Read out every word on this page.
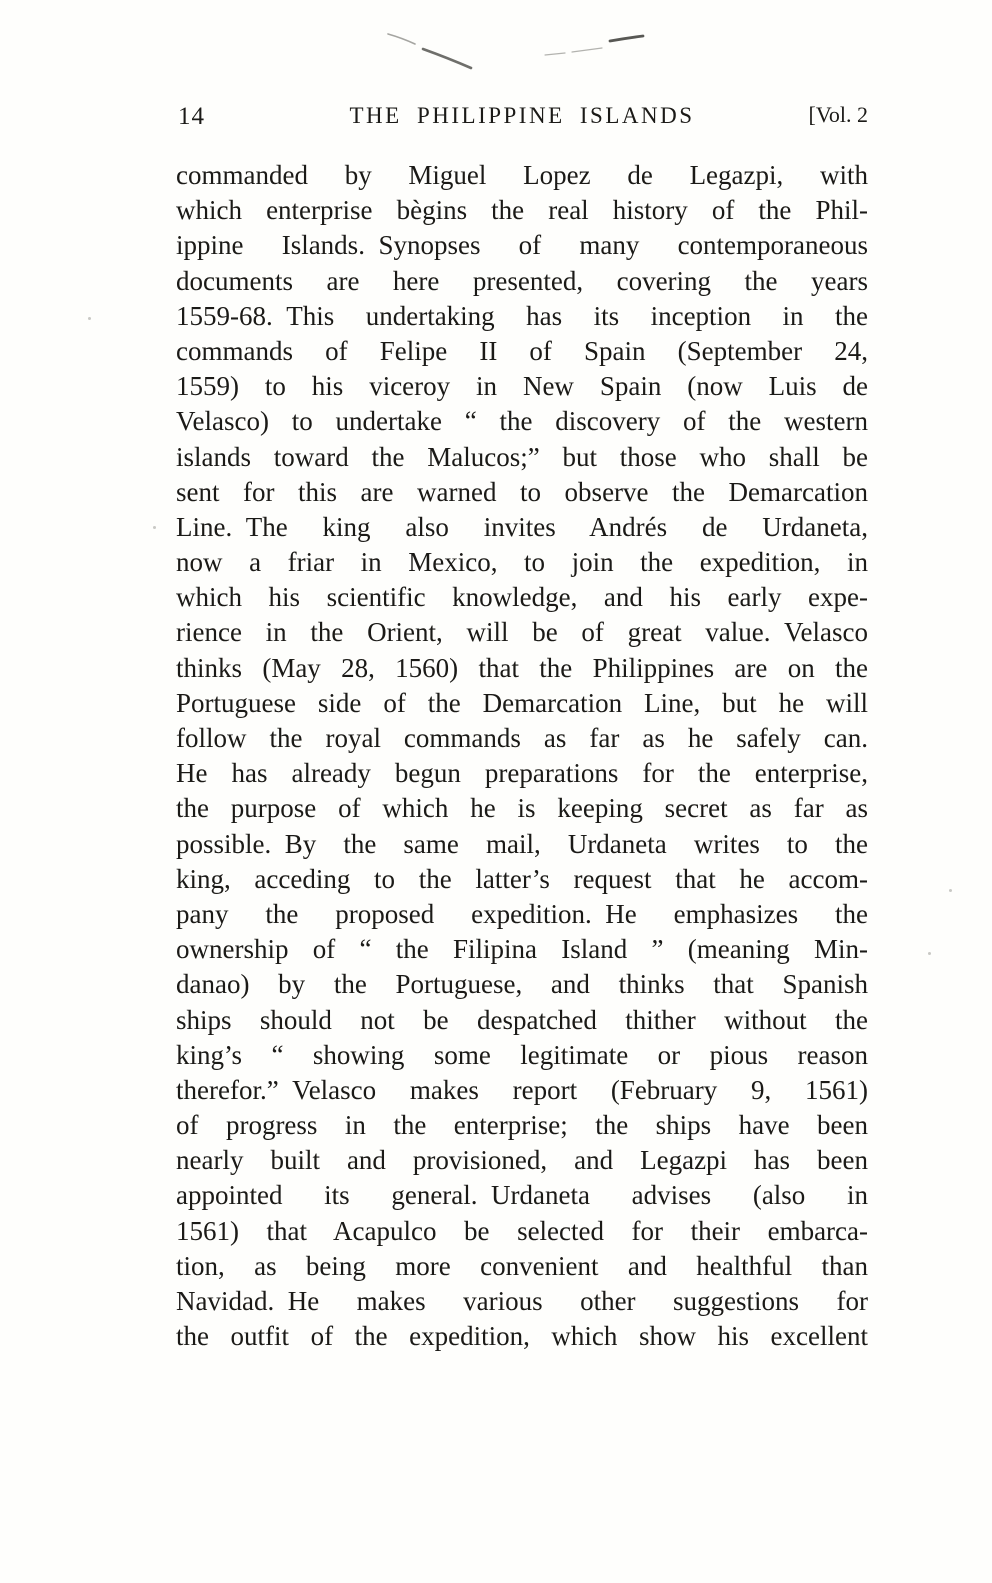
14	THE PHILIPPINE ISLANDS	[Vol. 2
commanded by Miguel Lopez de Legazpi, with
which enterprise bègins the real history of the Phil-
ippine Islands. Synopses of many contemporaneous
documents are here presented, covering the years
1559-68. This undertaking has its inception in the
commands of Felipe II of Spain (September 24,
1559) to his viceroy in New Spain (now Luis de
Velasco) to undertake “ the discovery of the western
islands toward the Malucos;” but those who shall be
sent for this are warned to observe the Demarcation
Line. The king also invites Andrés de Urdaneta,
now a friar in Mexico, to join the expedition, in
which his scientific knowledge, and his early expe-
rience in the Orient, will be of great value. Velasco
thinks (May 28, 1560) that the Philippines are on the
Portuguese side of the Demarcation Line, but he will
follow the royal commands as far as he safely can.
He has already begun preparations for the enterprise,
the purpose of which he is keeping secret as far as
possible. By the same mail, Urdaneta writes to the
king, acceding to the latter’s request that he accom-
pany the proposed expedition. He emphasizes the
ownership of “ the Filipina Island ” (meaning Min-
danao) by the Portuguese, and thinks that Spanish
ships should not be despatched thither without the
king’s “ showing some legitimate or pious reason
therefor.” Velasco makes report (February 9, 1561)
of progress in the enterprise; the ships have been
nearly built and provisioned, and Legazpi has been
appointed its general. Urdaneta advises (also in
1561) that Acapulco be selected for their embarca-
tion, as being more convenient and healthful than
Navidad. He makes various other suggestions for
the outfit of the expedition, which show his excellent
